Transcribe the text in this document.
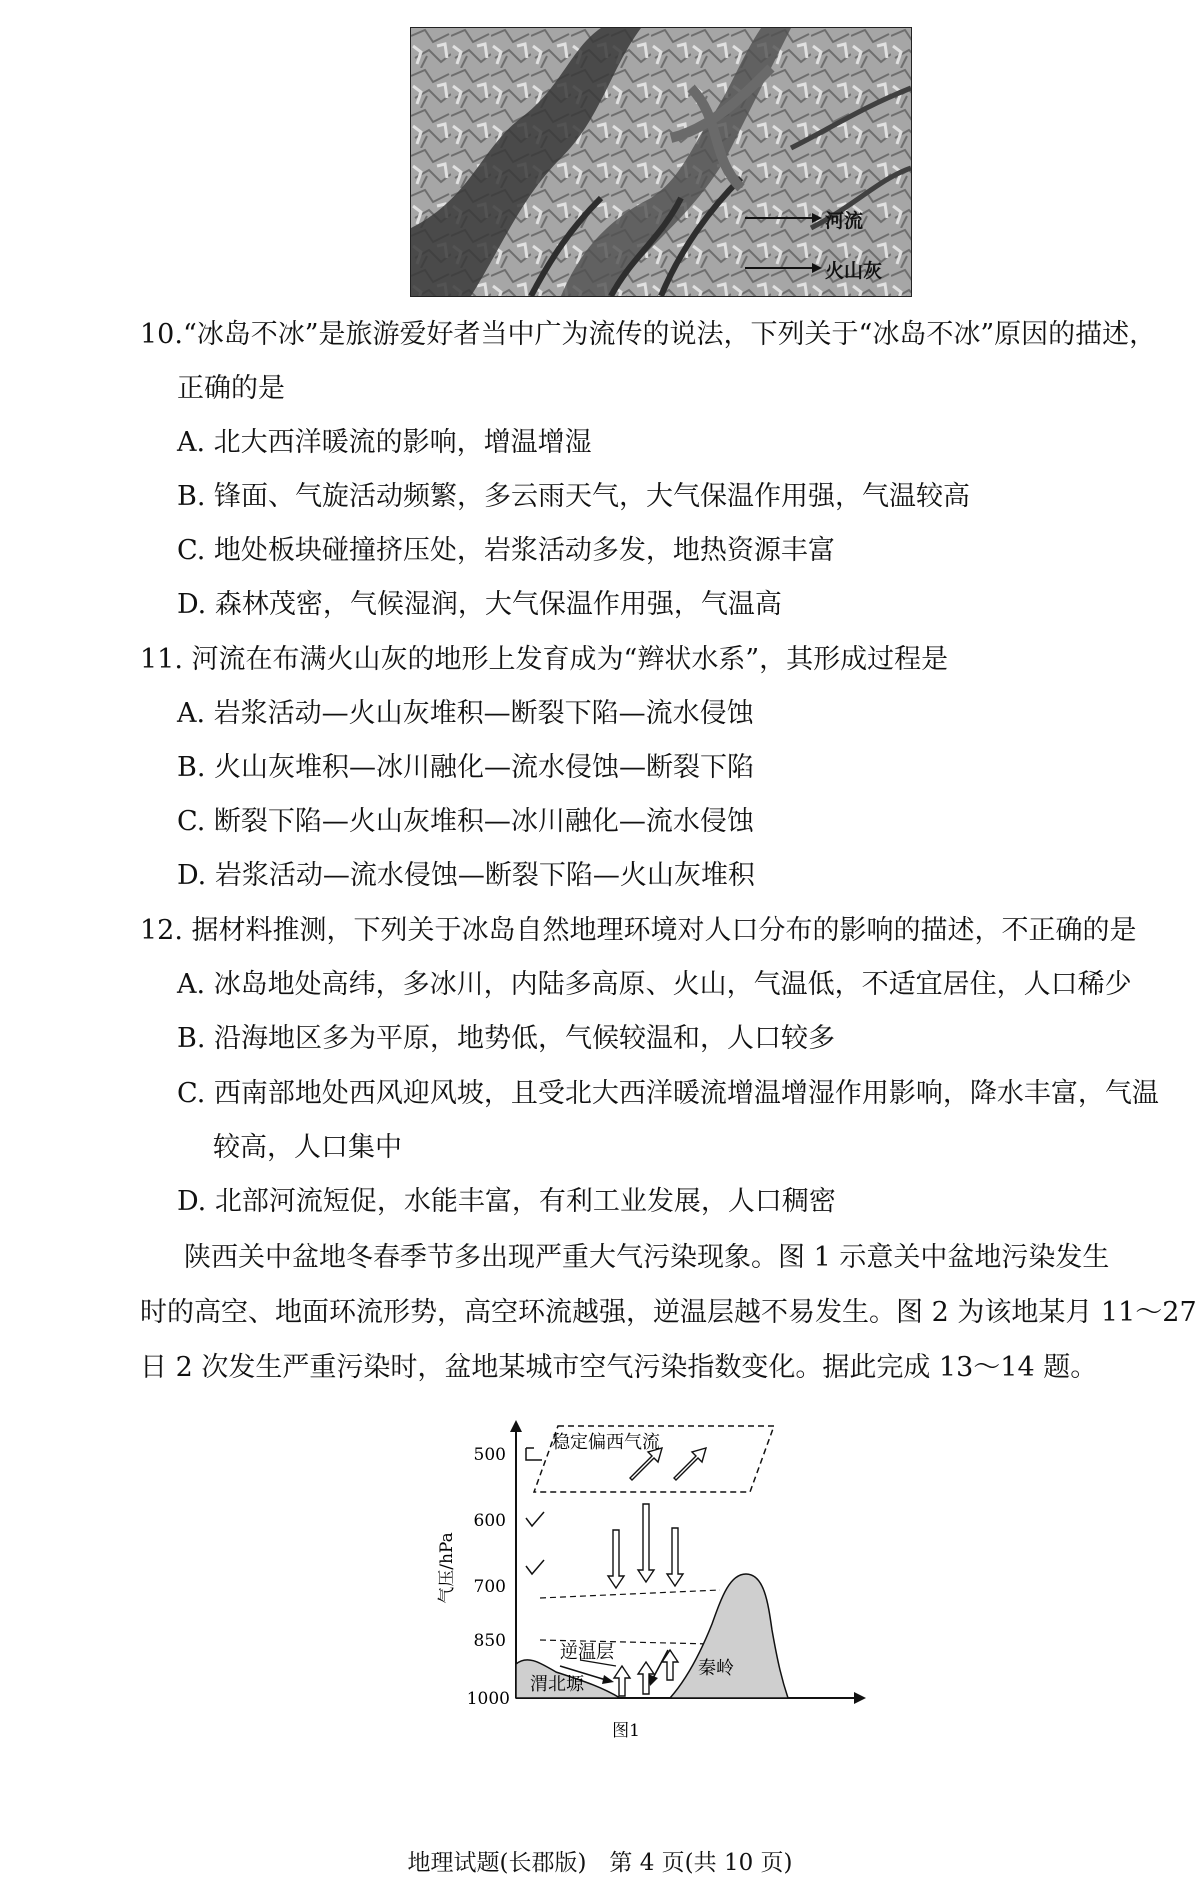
河流
火山灰
10.“冰岛不冰”是旅游爱好者当中广为流传的说法，下列关于“冰岛不冰”原因的描述，
正确的是
A. 北大西洋暖流的影响，增温增湿
B. 锋面、气旋活动频繁，多云雨天气，大气保温作用强，气温较高
C. 地处板块碰撞挤压处，岩浆活动多发，地热资源丰富
D. 森林茂密，气候湿润，大气保温作用强，气温高
11. 河流在布满火山灰的地形上发育成为“辫状水系”，其形成过程是
A. 岩浆活动—火山灰堆积—断裂下陷—流水侵蚀
B. 火山灰堆积—冰川融化—流水侵蚀—断裂下陷
C. 断裂下陷—火山灰堆积—冰川融化—流水侵蚀
D. 岩浆活动—流水侵蚀—断裂下陷—火山灰堆积
12. 据材料推测，下列关于冰岛自然地理环境对人口分布的影响的描述，不正确的是
A. 冰岛地处高纬，多冰川，内陆多高原、火山，气温低，不适宜居住，人口稀少
B. 沿海地区多为平原，地势低，气候较温和，人口较多
C. 西南部地处西风迎风坡，且受北大西洋暖流增温增湿作用影响，降水丰富，气温
较高，人口集中
D. 北部河流短促，水能丰富，有利工业发展，人口稠密
陕西关中盆地冬春季节多出现严重大气污染现象。图 1 示意关中盆地污染发生
时的高空、地面环流形势，高空环流越强，逆温层越不易发生。图 2 为该地某月 11～27
日 2 次发生严重污染时，盆地某城市空气污染指数变化。据此完成 13～14 题。
气压/hPa
500
600
700
850
1000
稳定偏西气流
渭北塬
秦岭
逆温层
图1
地理试题(长郡版)　第 4 页(共 10 页)
